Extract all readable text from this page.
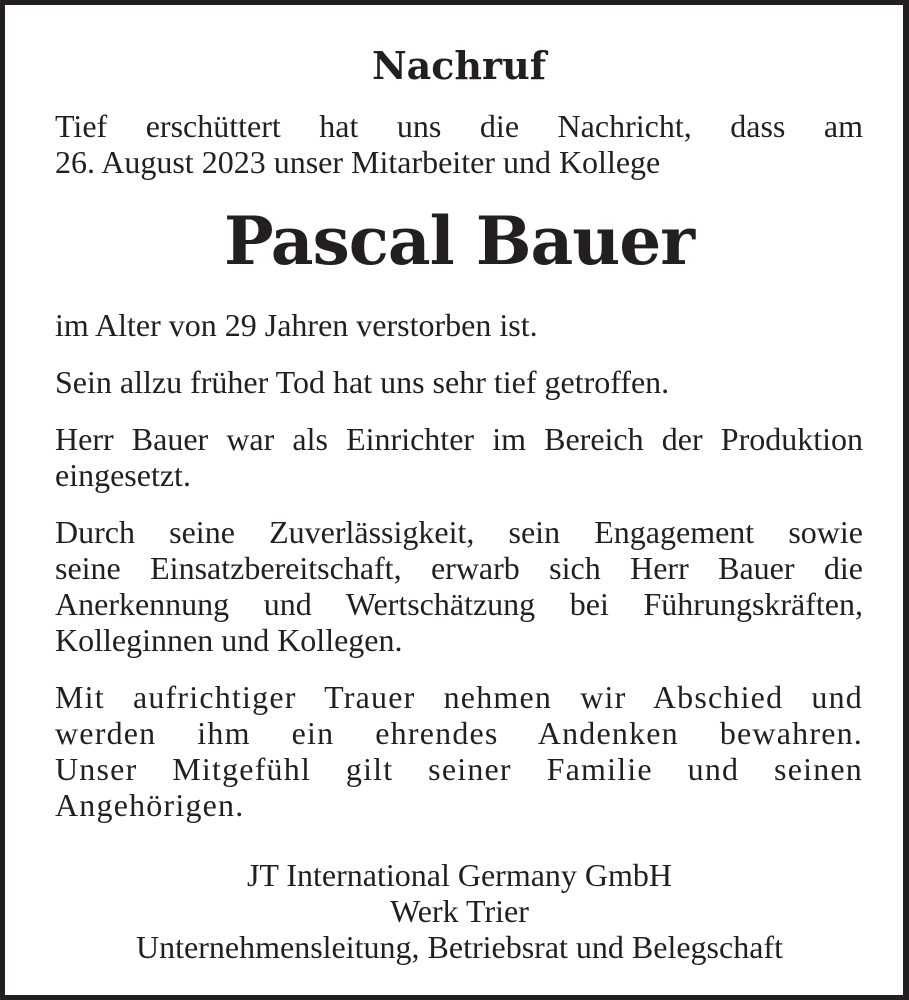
Nachruf
Tief erschüttert hat uns die Nachricht, dass am
26. August 2023 unser Mitarbeiter und Kollege
Pascal Bauer

im Alter von 29 Jahren verstorben ist.

Sein allzu früher Tod hat uns sehr tief getroffen.

Herr Bauer war als Einrichter im Bereich der Produktion
eingesetzt.

Durch seine Zuverlässigkeit, sein Engagement sowie
seine Einsatzbereitschaft, erwarb sich Herr Bauer die
Anerkennung und Wertschätzung bei Führungskräften,
Kolleginnen und Kollegen.

Mit aufrichtiger Trauer nehmen wir Abschied und
werden ihm ein ehrendes Andenken bewahren.
Unser Mitgefühl gilt seiner Familie und seinen
Angehörigen.

JT International Germany GmbH
Werk Trier
Unternehmensleitung, Betriebsrat und Belegschaft
